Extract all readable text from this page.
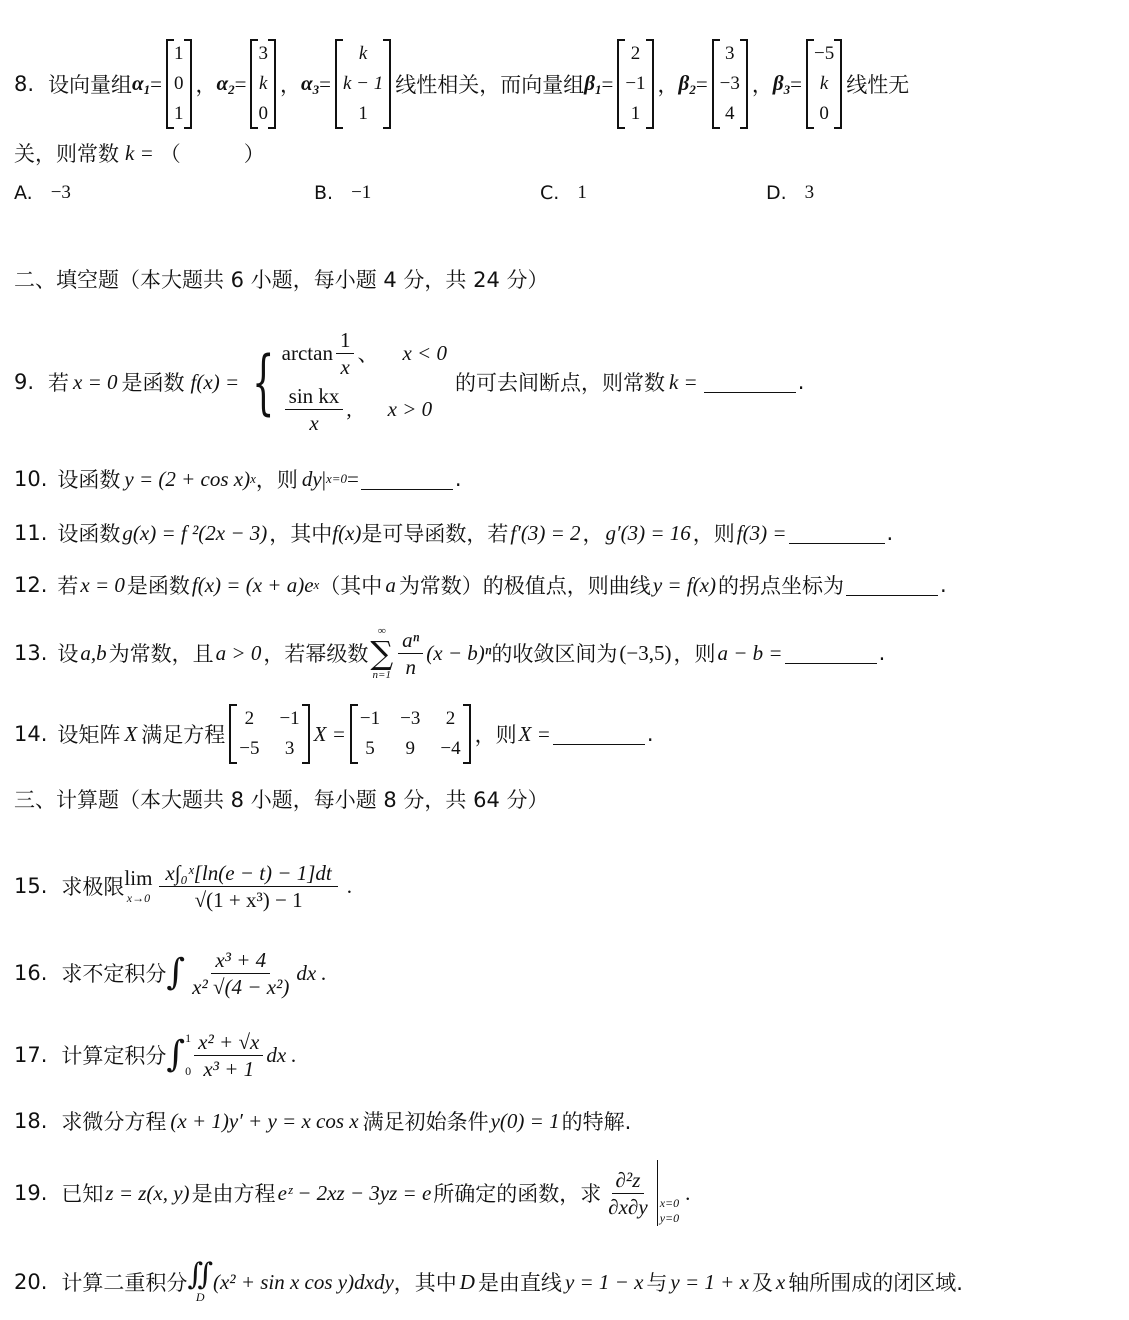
8. 设向量组 $\alpha_1$ =
1
0
1
， $\alpha_2$ =
3
k
0
， $\alpha_3$ =
k
k − 1
1
线性相关，而向量组 $\beta_1$ =
2
−1
1
， $\beta_2$ =
3
−3
4
， $\beta_3$ =
−5
k
0
线性无
关，则常数 k = （　　　）
A. −3	B. −1	C. 1	D. 3
二、填空题（本大题共 6 小题，每小题 4 分，共 24 分）
9. 若 x = 0 是函数 f(x) = { $\arctan \frac{1}{x}$ 、 x < 0
$\frac{\text{sin kx}}{x}$ , x > 0
的可去间断点，则常数 k =	.
10. 设函数 y = (2 + cos x) x ，则 dy | x=0 =	.
11. 设函数 g(x) = f ²(2x − 3) ，其中 f(x) 是可导函数，若 f′(3) = 2 ， g′(3) = 16 ，则 f(3) =	.
12. 若 x = 0 是函数 f(x) = (x + a)e x （其中 a 为常数）的极值点，则曲线 y = f(x) 的拐点坐标为	.
13. 设 a,b 为常数，且 a > 0 ，若幂级数
∞
∑
$n=1 \frac{\text{aⁿ}}{n} (x - b)^n$ 的收敛区间为 (−3,5) ，则 a − b =	.
14. 设矩阵 X 满足方程
2 −1
−5 3
X =
−1 −3 2
5 9 −4
，则 X =	.
三、计算题（本大题共 8 小题，每小题 8 分，共 64 分）
15. 求极限 lim
$x\to 0 \frac{\text{x∫₀ˣ[ln(e − t) − 1]dt}}{\text{√(1 + x³) − 1}}$ .
16. 求不定积分 ∫ $\frac{\text{x³ + 4}}{\text{x² √(4 − x²)}}$ dx .
17. 计算定积分 ∫ 1
$0 \frac{\text{x² + √x}}{\text{x³ + 1}}$ dx .
18. 求微分方程 (x + 1)y′ + y = x cos x 满足初始条件 y(0) = 1 的特解.
19. 已知 z = z(x, y) 是由方程 eᶻ − 2xz − 3yz = e 所确定的函数，求 $\frac{\text{∂²z}}{\partial x\partial y} x=0$
y=0
.
20. 计算二重积分 ∬
D
(x² + sin x cos y)dxdy ，其中 D 是由直线 y = 1 − x 与 y = 1 + x 及 x 轴所围成的闭区域.
